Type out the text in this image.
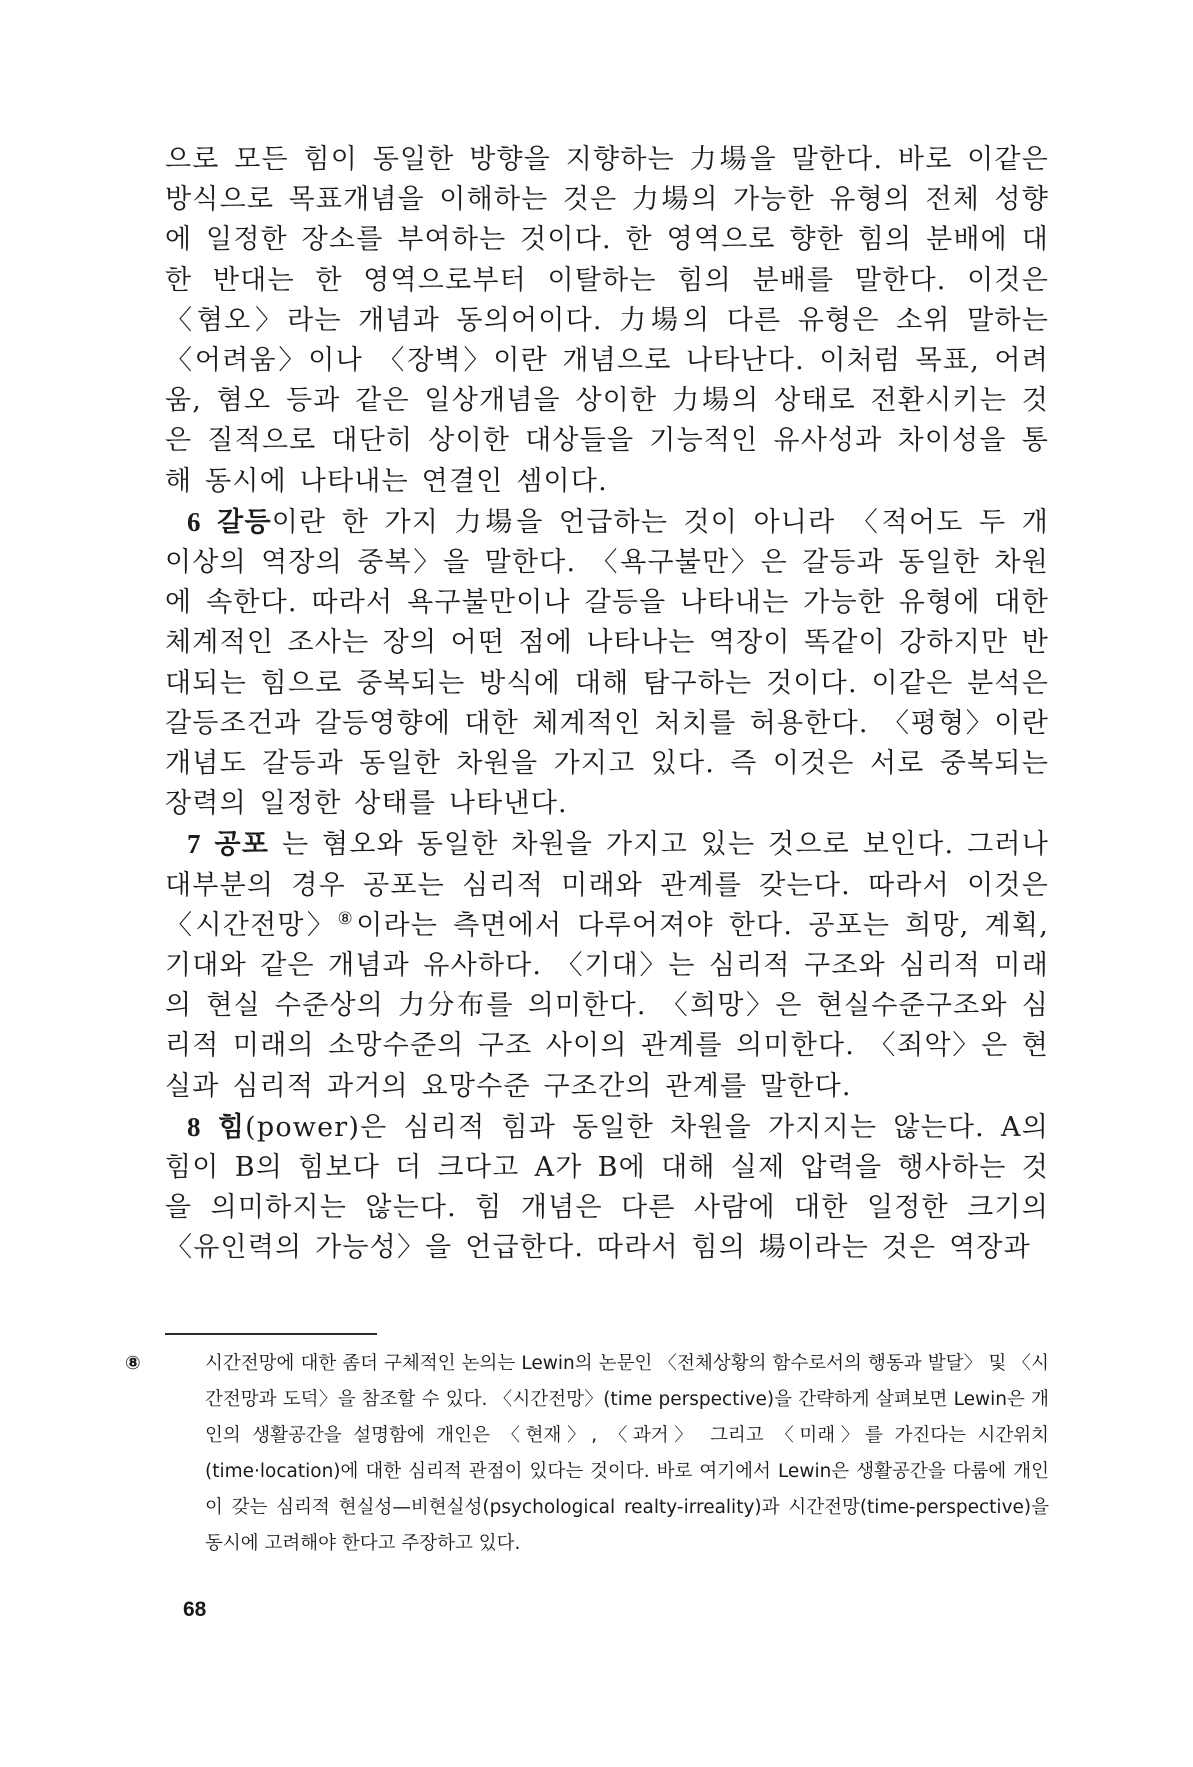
으로 모든 힘이 동일한 방향을 지향하는 力場을 말한다. 바로 이같은 방식으로 목표개념을 이해하는 것은 力場의 가능한 유형의 전체 성향에 일정한 장소를 부여하는 것이다. 한 영역으로 향한 힘의 분배에 대한 반대는 한 영역으로부터 이탈하는 힘의 분배를 말한다. 이것은 〈혐오〉라는 개념과 동의어이다. 力場의 다른 유형은 소위 말하는 〈어려움〉이나 〈장벽〉이란 개념으로 나타난다. 이처럼 목표, 어려움, 혐오 등과 같은 일상개념을 상이한 力場의 상태로 전환시키는 것은 질적으로 대단히 상이한 대상들을 기능적인 유사성과 차이성을 통해 동시에 나타내는 연결인 셈이다.

6 갈등이란 한 가지 力場을 언급하는 것이 아니라 〈적어도 두 개 이상의 역장의 중복〉을 말한다. 〈욕구불만〉은 갈등과 동일한 차원에 속한다. 따라서 욕구불만이나 갈등을 나타내는 가능한 유형에 대한 체계적인 조사는 장의 어떤 점에 나타나는 역장이 똑같이 강하지만 반대되는 힘으로 중복되는 방식에 대해 탐구하는 것이다. 이같은 분석은 갈등조건과 갈등영향에 대한 체계적인 처치를 허용한다. 〈평형〉이란 개념도 갈등과 동일한 차원을 가지고 있다. 즉 이것은 서로 중복되는 장력의 일정한 상태를 나타낸다.

7 공포 는 혐오와 동일한 차원을 가지고 있는 것으로 보인다. 그러나 대부분의 경우 공포는 심리적 미래와 관계를 갖는다. 따라서 이것은 〈시간전망〉⑧이라는 측면에서 다루어져야 한다. 공포는 희망, 계획, 기대와 같은 개념과 유사하다. 〈기대〉는 심리적 구조와 심리적 미래의 현실 수준상의 力分布를 의미한다. 〈희망〉은 현실수준구조와 심리적 미래의 소망수준의 구조 사이의 관계를 의미한다. 〈죄악〉은 현실과 심리적 과거의 요망수준 구조간의 관계를 말한다.

8 힘(power)은 심리적 힘과 동일한 차원을 가지지는 않는다. A의 힘이 B의 힘보다 더 크다고 A가 B에 대해 실제 압력을 행사하는 것을 의미하지는 않는다. 힘 개념은 다른 사람에 대한 일정한 크기의 〈유인력의 가능성〉을 언급한다. 따라서 힘의 場이라는 것은 역장과

⑧	시간전망에 대한 좀더 구체적인 논의는 Lewin의 논문인 〈전체상황의 함수로서의 행동과 발달〉 및 〈시간전망과 도덕〉을 참조할 수 있다. 〈시간전망〉(time perspective)을 간략하게 살펴보면 Lewin은 개인의 생활공간을 설명함에 개인은 〈현재〉, 〈과거〉 그리고 〈미래〉를 가진다는 시간위치 (time·location)에 대한 심리적 관점이 있다는 것이다. 바로 여기에서 Lewin은 생활공간을 다룸에 개인이 갖는 심리적 현실성—비현실성(psychological realty-irreality)과 시간전망(time-perspective)을 동시에 고려해야 한다고 주장하고 있다.

68
